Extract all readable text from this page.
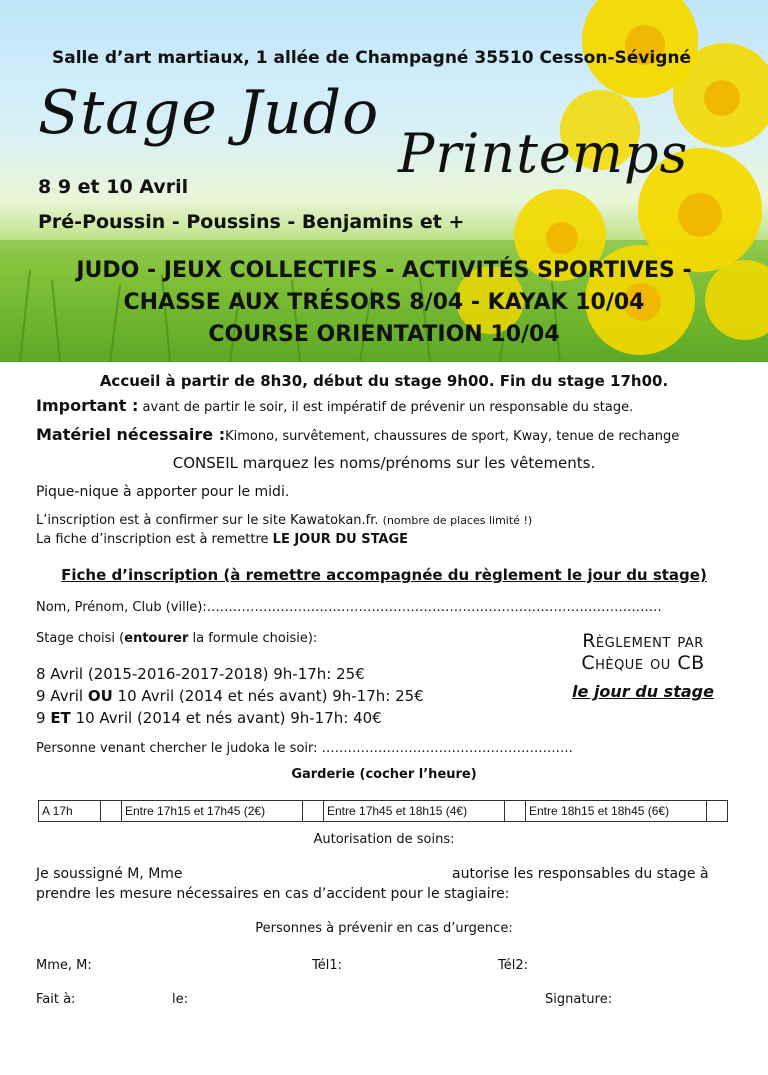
Salle d’art martiaux, 1 allée de Champagné 35510 Cesson-Sévigné
Stage Judo
Printemps
8 9 et 10 Avril
Pré-Poussin - Poussins - Benjamins et +
JUDO - JEUX COLLECTIFS - ACTIVITÉS SPORTIVES -
CHASSE AUX TRÉSORS 8/04 - KAYAK 10/04
COURSE ORIENTATION 10/04
Accueil à partir de 8h30, début du stage 9h00. Fin du stage 17h00.
Important : avant de partir le soir, il est impératif de prévenir un responsable du stage.
Matériel nécessaire :Kimono, survêtement, chaussures de sport, Kway, tenue de rechange
CONSEIL marquez les noms/prénoms sur les vêtements.
Pique-nique à apporter pour le midi.
L’inscription est à confirmer sur le site Kawatokan.fr. (nombre de places limité !)
La fiche d’inscription est à remettre LE JOUR DU STAGE
Fiche d’inscription (à remettre accompagnée du règlement le jour du stage)
Nom, Prénom, Club (ville):……………………………………………………………………………………………
Stage choisi (entourer la formule choisie):
8 Avril (2015-2016-2017-2018) 9h-17h: 25€
9 Avril OU 10 Avril (2014 et nés avant) 9h-17h: 25€
9 ET 10 Avril (2014 et nés avant) 9h-17h: 40€
Règlement par
Chèque ou CB
le jour du stage
Personne venant chercher le judoka le soir: ………………………………………………….
Garderie (cocher l’heure)
A 17h		Entre 17h15 et 17h45 (2€)		Entre 17h45 et 18h15 (4€)		Entre 18h15 et 18h45 (6€)	
Autorisation de soins:
Je soussigné M, Mme	autorise les responsables du stage à
prendre les mesure nécessaires en cas d’accident pour le stagiaire:
Personnes à prévenir en cas d’urgence:
Mme, M:	Tél1:	Tél2:
Fait à:	le:	Signature:
